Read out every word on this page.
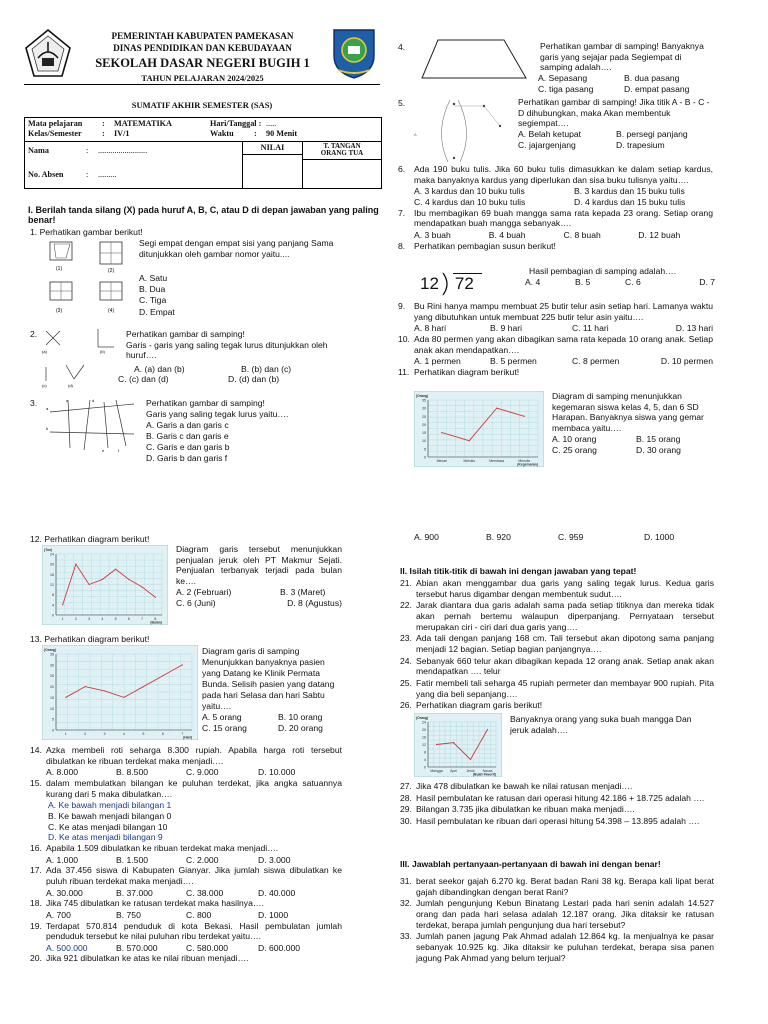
PEMERINTAH KABUPATEN PAMEKASAN
DINAS PENDIDIKAN DAN KEBUDAYAAN
SEKOLAH DASAR NEGERI BUGIH 1
TAHUN PELAJARAN 2024/2025
SUMATIF AKHIR SEMESTER (SAS)
Mata pelajaran	:	MATEMATIKA	Hari/Tanggal : .....
Kelas/Semester	:	IV/1	Waktu	:	90 Menit

Nama	:	........................
No. Absen	:	.........

NILAI	T. TANGAN
ORANG TUA
I. Berilah tanda silang (X) pada huruf A, B, C, atau D di depan jawaban yang paling benar!
1. Perhatikan gambar berikut!
(1)	(2)
(3)	(4)
Segi empat dengan empat sisi yang panjang Sama ditunjukkan oleh gambar nomor yaitu....
A. Satu
B. Dua
C. Tiga
D. Empat
2.
(a)	(b)
(c)	(d)
Perhatikan gambar di samping!
Garis - garis yang saling tegak lurus ditunjukkan oleh huruf….
A. (a) dan (b)	B. (b) dan (c)
C. (c) dan (d)	D. (d) dan (b)
3.
a
b
c	d
e	f
Perhatikan gambar di samping!
Garis yang saling tegak lurus yaitu….
A. Garis a dan garis c
B. Garis c dan garis e
C. Garis e dan garis b
D. Garis b dan garis f
4.	Perhatikan gambar di samping! Banyaknya garis yang sejajar pada Segiempat di samping adalah….
A. Sepasang	B. dua pasang
C. tiga pasang	D. empat pasang
5.
A
Perhatikan gambar di samping! Jika titik A - B - C - D dihubungkan, maka Akan membentuk segiempat….
A. Belah ketupat	B. persegi panjang
C. jajargenjang	D. trapesium
6.	Ada 190 buku tulis. Jika 60 buku tulis dimasukkan ke dalam setiap kardus, maka banyaknya kardus yang diperlukan dan sisa buku tulisnya yaitu….
A. 3 kardus dan 10 buku tulis	B. 3 kardus dan 15 buku tulis
C. 4 kardus dan 10 buku tulis	D. 4 kardus dan 15 buku tulis
7.	Ibu membagikan 69 buah mangga sama rata kepada 23 orang. Setiap orang mendapatkan buah mangga sebanyak….
A. 3 buah	B. 4 buah	C. 8 buah	D. 12 buah
8.	Perhatikan pembagian susun berikut!
12 72
Hasil pembagian di samping adalah….
A. 4	B. 5	C. 6	D. 7
9.	Bu Rini hanya mampu membuat 25 butir telur asin setiap hari. Lamanya waktu yang dibutuhkan untuk membuat 225 butir telur asin yaitu….
A. 8 hari	B. 9 hari	C. 11 hari	D. 13 hari
10. Ada 80 permen yang akan dibagikan sama rata kepada 10 orang anak. Setiap anak akan mendapatkan….
A. 1 permen	B. 5 permen	C. 8 permen	D. 10 permen
11. Perhatikan diagram berikut!
0
5
10
15
20
25
30
35
Menari	Melukis	Membaca	Menulis
(Orang)
(Kegemaran)
Diagram di samping menunjukkan kegemaran siswa kelas 4, 5, dan 6 SD Harapan. Banyaknya siswa yang gemar membaca yaitu….
A. 10 orang	B. 15 orang
C. 25 orang	D. 30 orang
12. Perhatikan diagram berikut!
0
4
8
12
16
20
24
1	2	3	4	5	6	7	8
(Ton)
(Bulan)
Diagram garis tersebut menunjukkan penjualan jeruk oleh PT Makmur Sejati. Penjualan terbanyak terjadi pada bulan ke….
A. 2 (Februari)	B. 3 (Maret)
C. 6 (Juni)	D. 8 (Agustus)
13. Perhatikan diagram berikut!
0
5
10
15
20
25
30
35
1	2	3	4	5	6	7
(Orang)
(Hari)
Diagram garis di samping Menunjukkan banyaknya pasien yang Datang ke Klinik Permata Bunda. Selisih pasien yang datang pada hari Selasa dan hari Sabtu yaitu….
A. 5 orang	B. 10 orang
C. 15 orang	D. 20 orang
14. Azka membeli roti seharga 8.300 rupiah. Apabila harga roti tersebut dibulatkan ke ribuan terdekat maka menjadi….
A. 8.000	B. 8.500	C. 9.000	D. 10.000
15. dalam membulatkan bilangan ke puluhan terdekat, jika angka satuannya kurang dari 5 maka dibulatkan….
A. Ke bawah menjadi bilangan 1
B. Ke bawah menjadi bilangan 0
C. Ke atas menjadi bilangan 10
D. Ke atas menjadi bilangan 9
16. Apabila 1.509 dibulatkan ke ribuan terdekat maka menjadi….
A. 1.000	B. 1.500	C. 2.000	D. 3.000
17. Ada 37.456 siswa di Kabupaten Gianyar. Jika jumlah siswa dibulatkan ke puluh ribuan terdekat maka menjadi….
A. 30.000	B. 37.000	C. 38.000	D. 40.000
18. Jika 745 dibulatkan ke ratusan terdekat maka hasilnya….
A. 700	B. 750	C. 800	D. 1000
19. Terdapat 570.814 penduduk di kota Bekasi. Hasil pembulatan jumlah penduduk tersebut ke nilai puluhan ribu terdekat yaitu….
A. 500.000	B. 570.000	C. 580.000	D. 600.000
20. Jika 921 dibulatkan ke atas ke nilai ribuan menjadi….
A. 900	B. 920	C. 959	D. 1000
II. Isilah titik-titik di bawah ini dengan jawaban yang tepat!
21. Abian akan menggambar dua garis yang saling tegak lurus. Kedua garis tersebut harus digambar dengan membentuk sudut….
22. Jarak diantara dua garis adalah sama pada setiap titiknya dan mereka tidak akan pernah bertemu walaupun diperpanjang. Pernyataan tersebut merupakan ciri - ciri dari dua garis yang….
23. Ada tali dengan panjang 168 cm. Tali tersebut akan dipotong sama panjang menjadi 12 bagian. Setiap bagian panjangnya….
24. Sebanyak 660 telur akan dibagikan kepada 12 orang anak. Setiap anak akan mendapatkan …. telur
25. Fatir membeli tali seharga 45 rupiah permeter dan membayar 900 rupiah. Pita yang dia beli sepanjang….
26. Perhatikan diagram garis berikut!
0
4
8
12
16
20
24
Mangga Apel	Jeruk Nanas
(Orang)
(Buah Favorit)
Banyaknya orang yang suka buah mangga Dan jeruk adalah….
27. Jika 478 dibulatkan ke bawah ke nilai ratusan menjadi….
28. Hasil pembulatan ke ratusan dari operasi hitung 42.186 + 18.725 adalah ….
29. Bilangan 3.735 jika dibulatkan ke ribuan maka menjadi….
30. Hasil pembulatan ke ribuan dari operasi hitung 54.398 – 13.895 adalah ….
III. Jawablah pertanyaan-pertanyaan di bawah ini dengan benar!
31. berat seekor gajah 6.270 kg. Berat badan Rani 38 kg. Berapa kali lipat berat gajah dibandingkan dengan berat Rani?
32. Jumlah pengunjung Kebun Binatang Lestari pada hari senin adalah 14.527 orang dan pada hari selasa adalah 12.187 orang. Jika ditaksir ke ratusan terdekat, berapa jumlah pengunjung dua hari tersebut?
33. Jumlah panen jagung Pak Ahmad adalah 12.864 kg. Ia menjualnya ke pasar sebanyak 10.925 kg. Jika ditaksir ke puluhan terdekat, berapa sisa panen jagung Pak Ahmad yang belum terjual?
